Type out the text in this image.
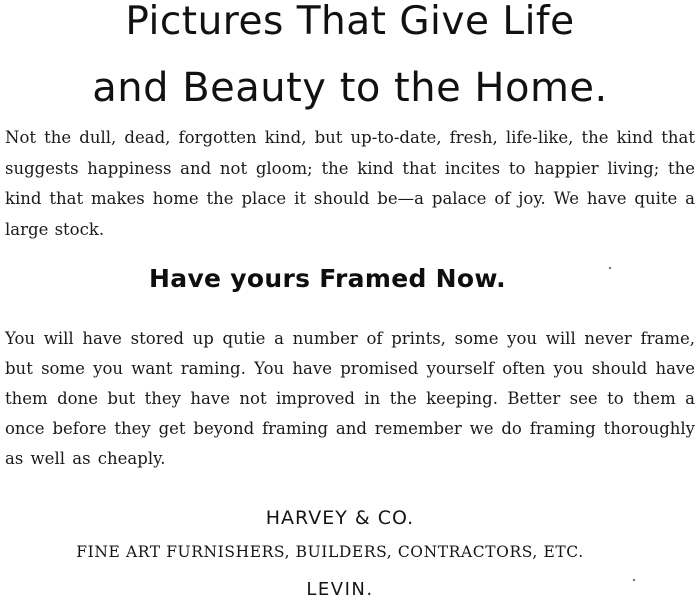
Pictures That Give Life
and Beauty to the Home.

Not the dull, dead, forgotten kind, but up-to-date, fresh, life-like, the kind that suggests happiness and not gloom; the kind that incites to happier living; the kind that makes home the place it should be—a palace of joy. We have quite a large stock.

Have yours Framed Now.

You will have stored up qutie a number of prints, some you will never frame, but some you want raming. You have promised yourself often you should have them done but they have not improved in the keeping. Better see to them a once before they get beyond framing and remember we do framing thoroughly as well as cheaply.

HARVEY & CO.
FINE ART FURNISHERS, BUILDERS, CONTRACTORS, ETC.
LEVIN.
